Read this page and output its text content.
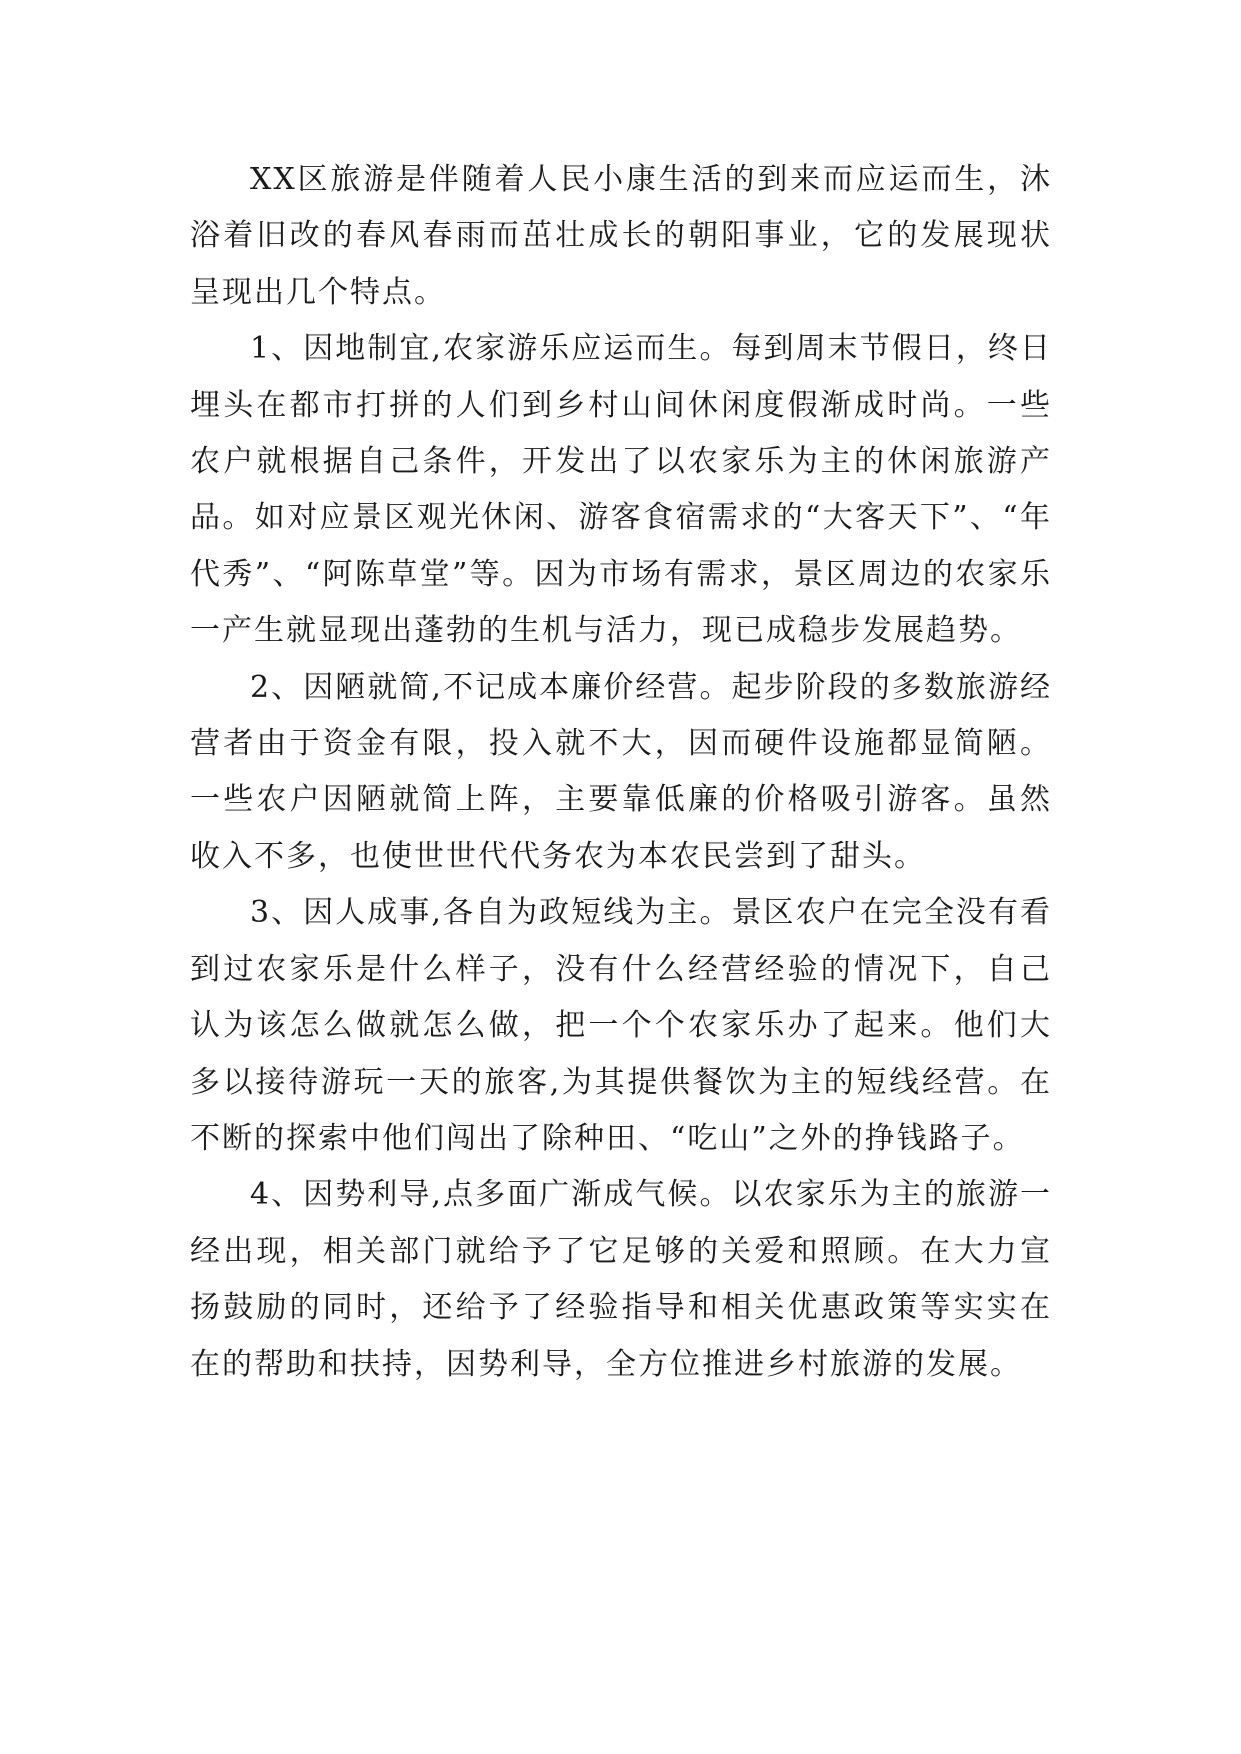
XX区旅游是伴随着人民小康生活的到来而应运而生，沐浴着旧改的春风春雨而茁壮成长的朝阳事业，它的发展现状呈现出几个特点。

1、因地制宜,农家游乐应运而生。每到周末节假日，终日埋头在都市打拼的人们到乡村山间休闲度假渐成时尚。一些农户就根据自己条件，开发出了以农家乐为主的休闲旅游产品。如对应景区观光休闲、游客食宿需求的“大客天下”、“年代秀”、“阿陈草堂”等。因为市场有需求，景区周边的农家乐一产生就显现出蓬勃的生机与活力，现已成稳步发展趋势。

2、因陋就简,不记成本廉价经营。起步阶段的多数旅游经营者由于资金有限，投入就不大，因而硬件设施都显简陋。一些农户因陋就简上阵，主要靠低廉的价格吸引游客。虽然收入不多，也使世世代代务农为本农民尝到了甜头。

3、因人成事,各自为政短线为主。景区农户在完全没有看到过农家乐是什么样子，没有什么经营经验的情况下，自己认为该怎么做就怎么做，把一个个农家乐办了起来。他们大多以接待游玩一天的旅客,为其提供餐饮为主的短线经营。在不断的探索中他们闯出了除种田、“吃山”之外的挣钱路子。

4、因势利导,点多面广渐成气候。以农家乐为主的旅游一经出现，相关部门就给予了它足够的关爱和照顾。在大力宣扬鼓励的同时，还给予了经验指导和相关优惠政策等实实在在的帮助和扶持，因势利导，全方位推进乡村旅游的发展。
